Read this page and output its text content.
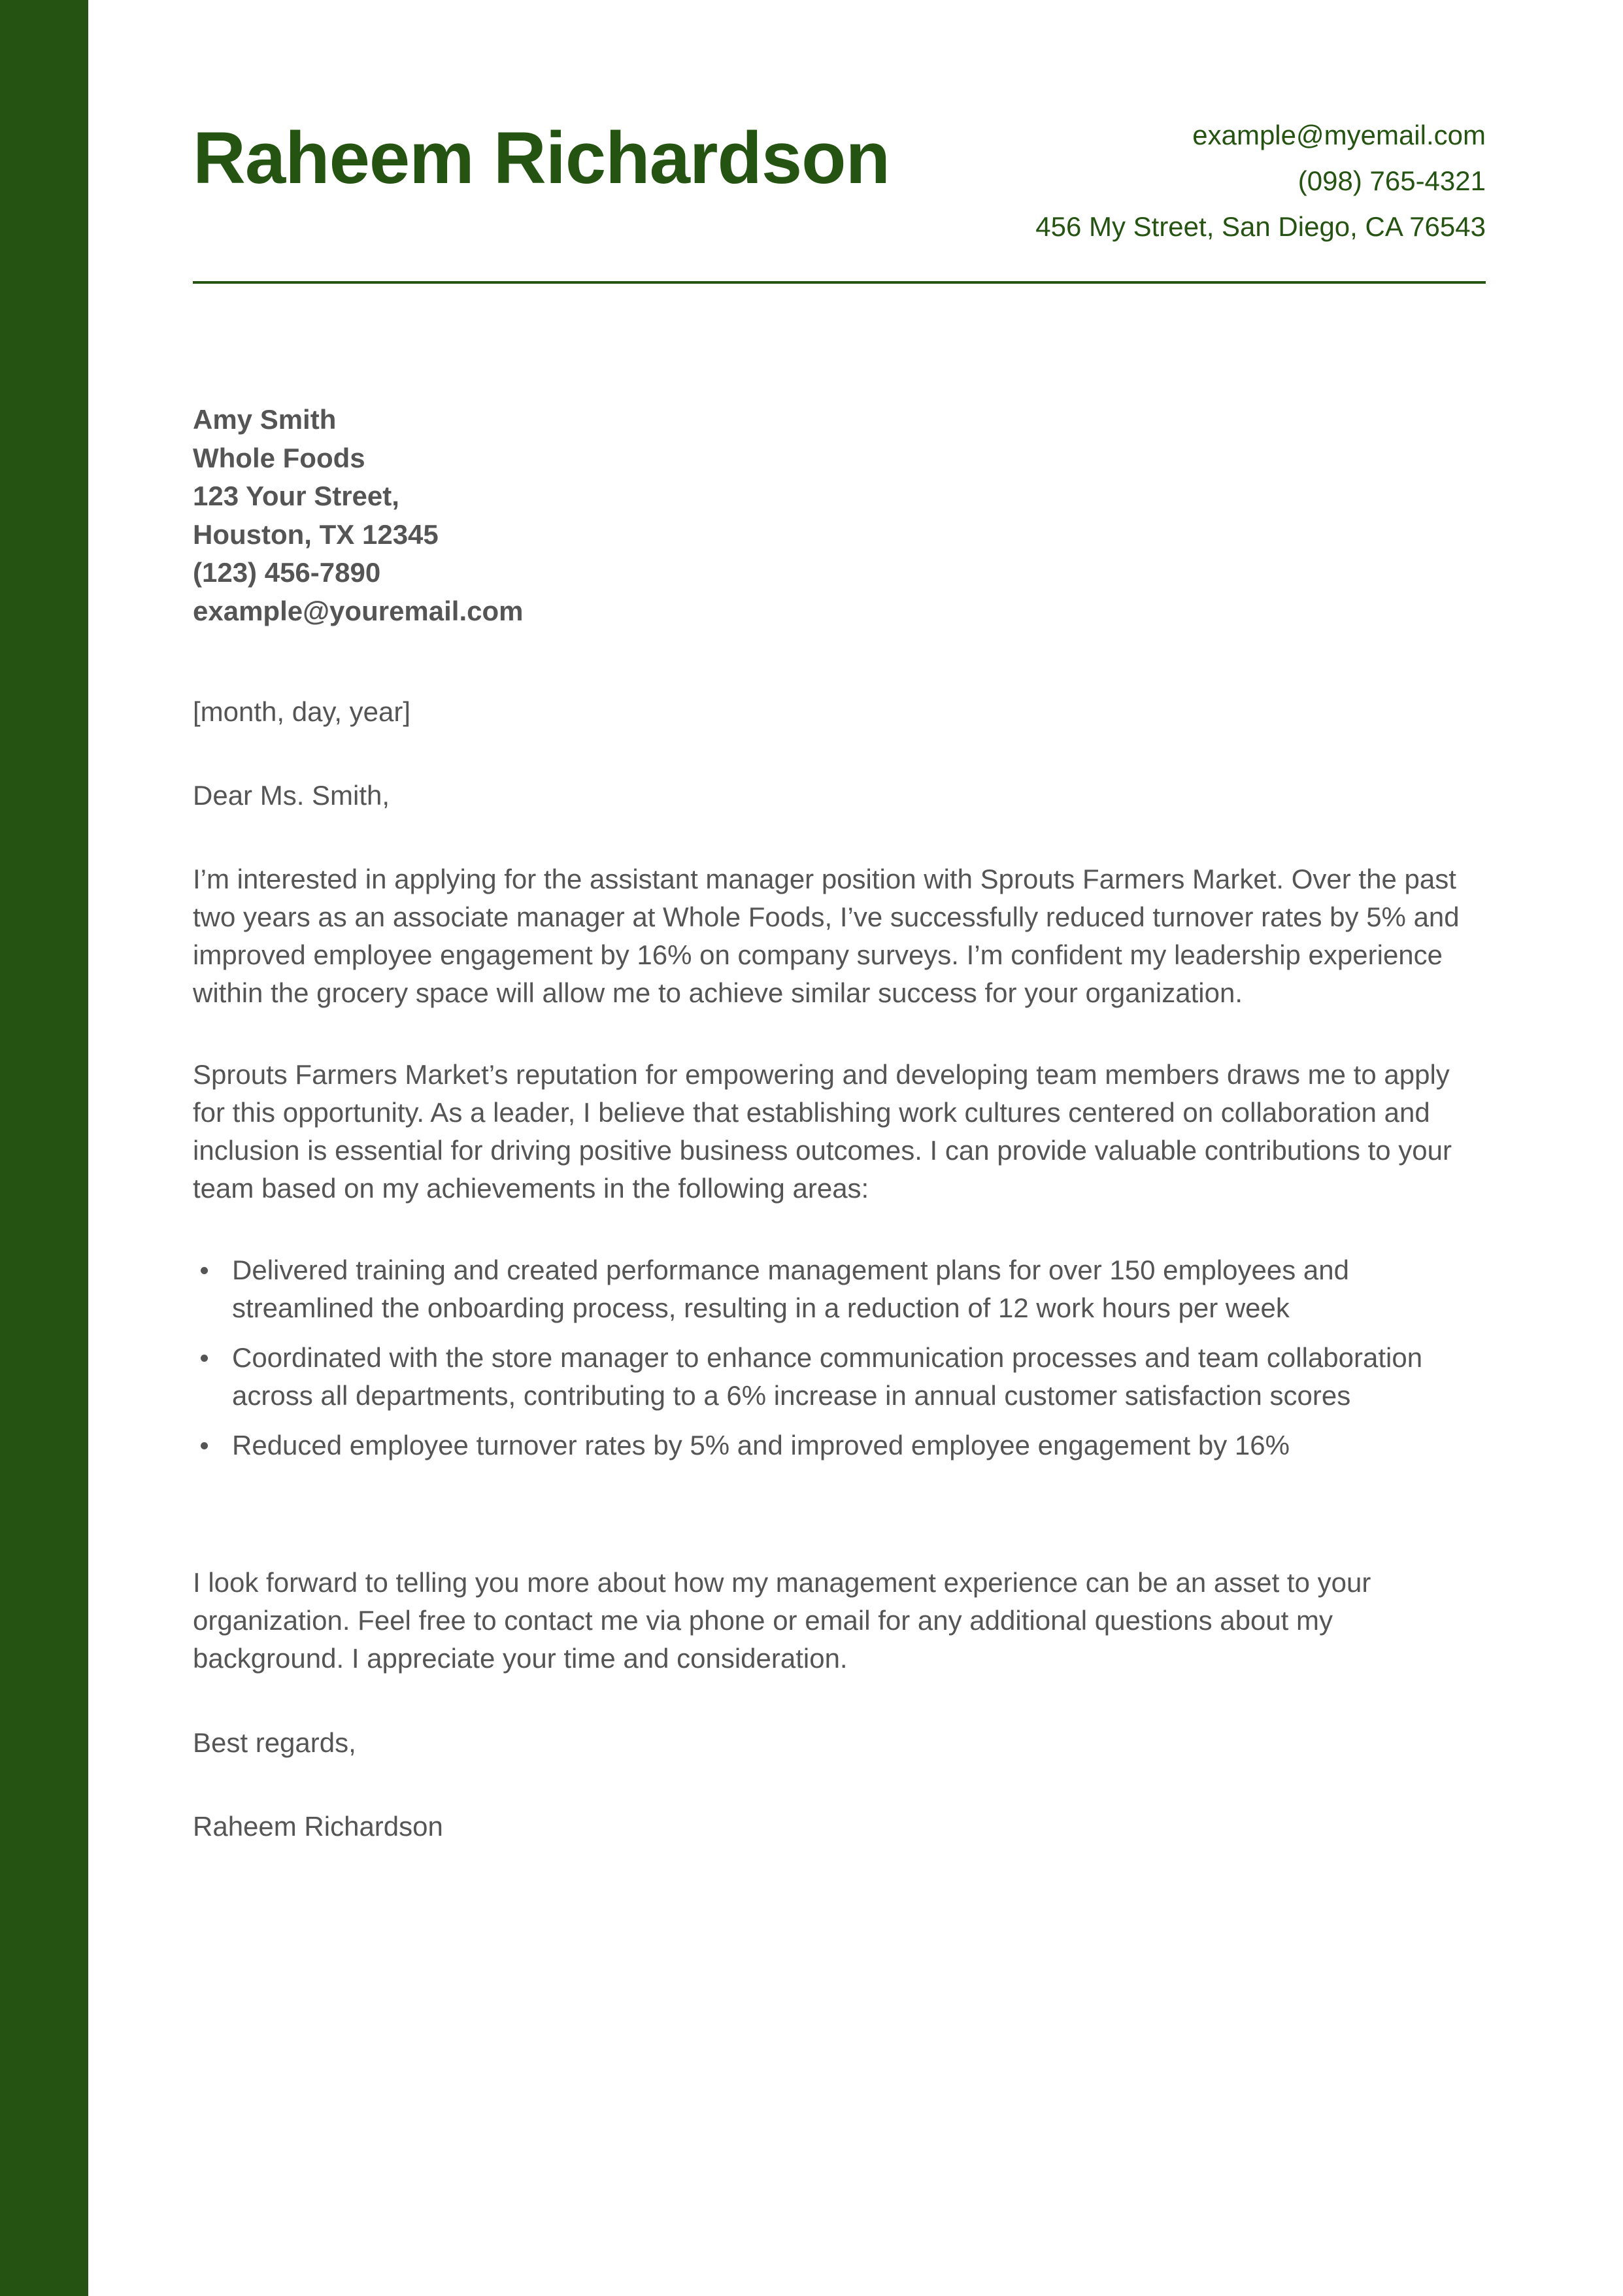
Raheem Richardson	example@myemail.com
(098) 765-4321
456 My Street, San Diego, CA 76543
Amy Smith
Whole Foods
123 Your Street,
Houston, TX 12345
(123) 456-7890
example@youremail.com
[month, day, year]
Dear Ms. Smith,

I’m interested in applying for the assistant manager position with Sprouts Farmers Market. Over the past two years as an associate manager at Whole Foods, I’ve successfully reduced turnover rates by 5% and improved employee engagement by 16% on company surveys. I’m confident my leadership experience within the grocery space will allow me to achieve similar success for your organization.

Sprouts Farmers Market’s reputation for empowering and developing team members draws me to apply for this opportunity. As a leader, I believe that establishing work cultures centered on collaboration and inclusion is essential for driving positive business outcomes. I can provide valuable contributions to your team based on my achievements in the following areas:

Delivered training and created performance management plans for over 150 employees and streamlined the onboarding process, resulting in a reduction of 12 work hours per week
Coordinated with the store manager to enhance communication processes and team collaboration across all departments, contributing to a 6% increase in annual customer satisfaction scores
Reduced employee turnover rates by 5% and improved employee engagement by 16%

I look forward to telling you more about how my management experience can be an asset to your organization. Feel free to contact me via phone or email for any additional questions about my background. I appreciate your time and consideration.

Best regards,
Raheem Richardson
